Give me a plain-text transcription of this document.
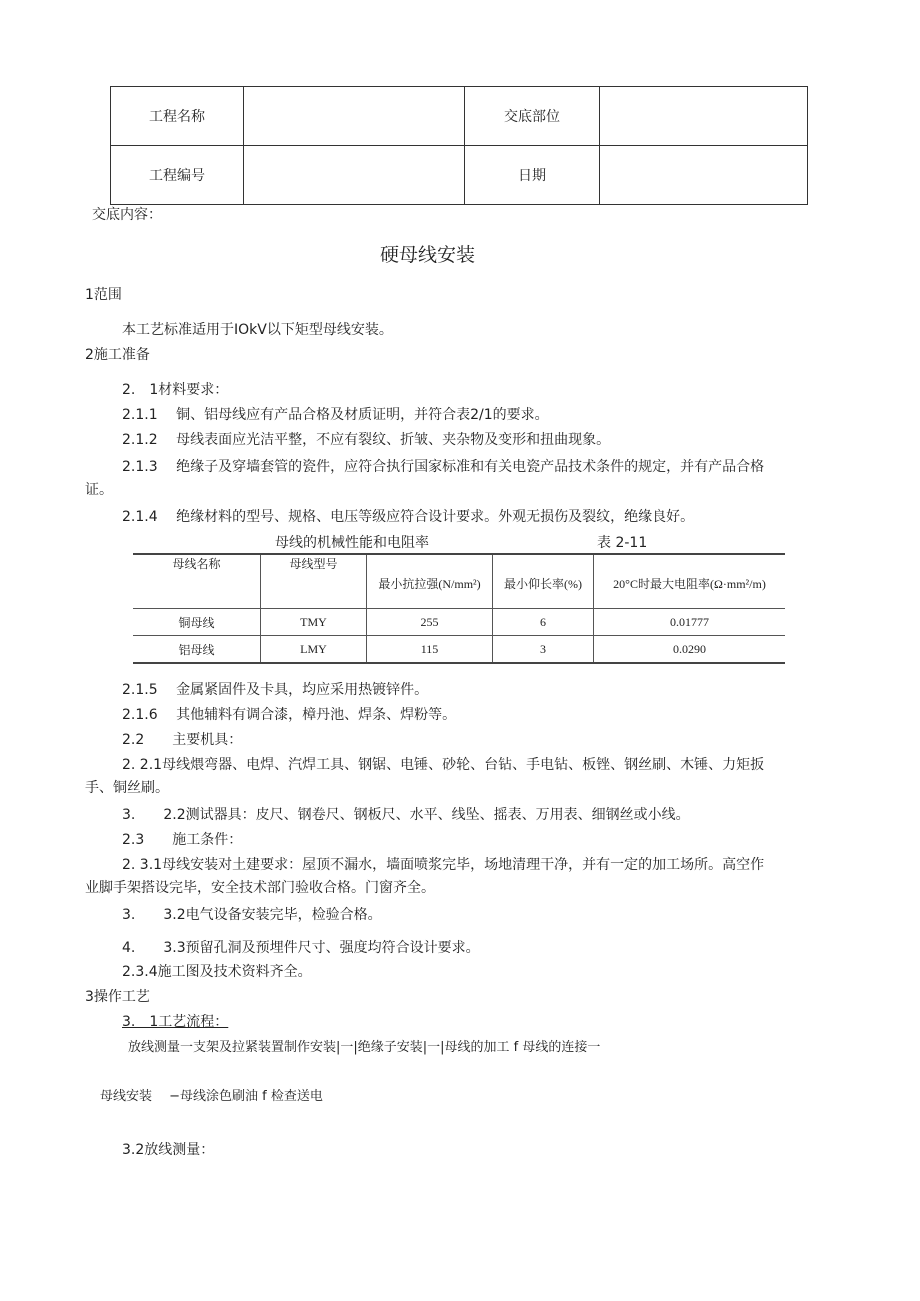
工程名称		交底部位	
工程编号		日期	
交底内容：
硬母线安装
1范围
本工艺标准适用于IOkV以下矩型母线安装。
2施工准备
2.　1材料要求：
2.1.1　 铜、铝母线应有产品合格及材质证明，并符合表2/1的要求。
2.1.2　 母线表面应光洁平整，不应有裂纹、折皱、夹杂物及变形和扭曲现象。
2.1.3　 绝缘子及穿墙套管的瓷件，应符合执行国家标准和有关电瓷产品技术条件的规定，并有产品合格
证。
2.1.4　 绝缘材料的型号、规格、电压等级应符合设计要求。外观无损伤及裂纹，绝缘良好。
母线的机械性能和电阻率	表 2-11
母线名称	母线型号	最小抗拉强(N/mm²)	最小仰长率(%)	20°C时最大电阻率(Ω·mm²/m)
铜母线	TMY	255	6	0.01777
铝母线	LMY	115	3	0.0290
2.1.5　 金属紧固件及卡具，均应采用热镀锌件。
2.1.6　 其他辅料有调合漆，樟丹池、焊条、焊粉等。
2.2　　主要机具：
2. 2.1母线煨弯器、电焊、汽焊工具、钢锯、电锤、砂轮、台钻、手电钻、板锉、钢丝刷、木锤、力矩扳
手、铜丝刷。
3.　　2.2测试器具：皮尺、钢卷尺、钢板尺、水平、线坠、摇表、万用表、细钢丝或小线。
2.3　　施工条件：
2. 3.1母线安装对土建要求：屋顶不漏水，墙面喷浆完毕，场地清理干净，并有一定的加工场所。高空作
业脚手架搭设完毕，安全技术部门验收合格。门窗齐全。
3.　　3.2电气设备安装完毕，检验合格。
4.　　3.3预留孔洞及预埋件尺寸、强度均符合设计要求。
2.3.4施工图及技术资料齐全。
3操作工艺
3.　1工艺流程：
放线测量一支架及拉紧装置制作安装|一|绝缘子安装|一|母线的加工 f 母线的连接一
母线安装　 −母线涂色刷油 f 检查送电
3.2放线测量：
